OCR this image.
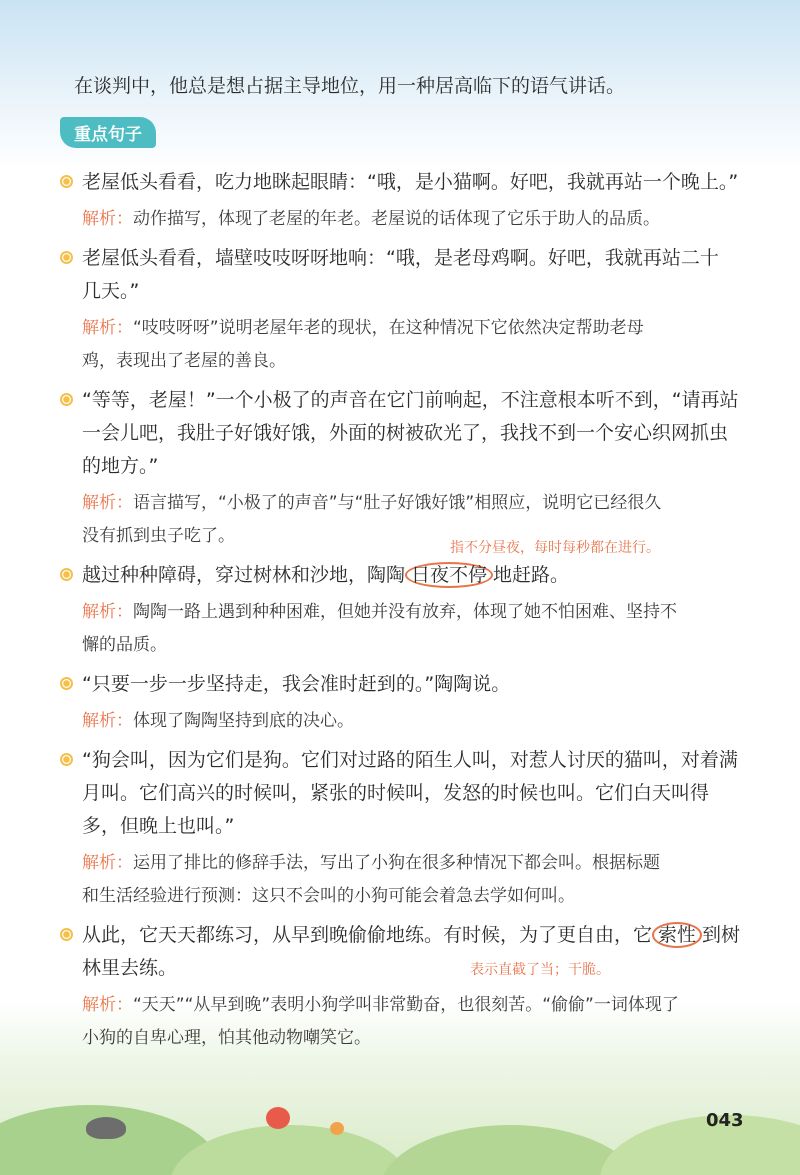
在谈判中，他总是想占据主导地位，用一种居高临下的语气讲话。
重点句子
老屋低头看看，吃力地眯起眼睛：“哦，是小猫啊。好吧，我就再站一个晚上。”
解析：动作描写，体现了老屋的年老。老屋说的话体现了它乐于助人的品质。
老屋低头看看，墙壁吱吱呀呀地响：“哦，是老母鸡啊。好吧，我就再站二十
几天。”
解析：“吱吱呀呀”说明老屋年老的现状，在这种情况下它依然决定帮助老母
鸡，表现出了老屋的善良。
“等等，老屋！”一个小极了的声音在它门前响起，不注意根本听不到，“请再站
一会儿吧，我肚子好饿好饿，外面的树被砍光了，我找不到一个安心织网抓虫
的地方。”
解析：语言描写，“小极了的声音”与“肚子好饿好饿”相照应，说明它已经很久
没有抓到虫子吃了。
越过种种障碍，穿过树林和沙地，陶陶 日夜不停 地赶路。
指不分昼夜，每时每秒都在进行。
解析：陶陶一路上遇到种种困难，但她并没有放弃，体现了她不怕困难、坚持不
懈的品质。
“只要一步一步坚持走，我会准时赶到的。”陶陶说。
解析：体现了陶陶坚持到底的决心。
“狗会叫，因为它们是狗。它们对过路的陌生人叫，对惹人讨厌的猫叫，对着满
月叫。它们高兴的时候叫，紧张的时候叫，发怒的时候也叫。它们白天叫得
多，但晚上也叫。”
解析：运用了排比的修辞手法，写出了小狗在很多种情况下都会叫。根据标题
和生活经验进行预测：这只不会叫的小狗可能会着急去学如何叫。
从此，它天天都练习，从早到晚偷偷地练。有时候，为了更自由，它 索性 到树
林里去练。	表示直截了当；干脆。
解析：“天天”“从早到晚”表明小狗学叫非常勤奋，也很刻苦。“偷偷”一词体现了
小狗的自卑心理，怕其他动物嘲笑它。
043
